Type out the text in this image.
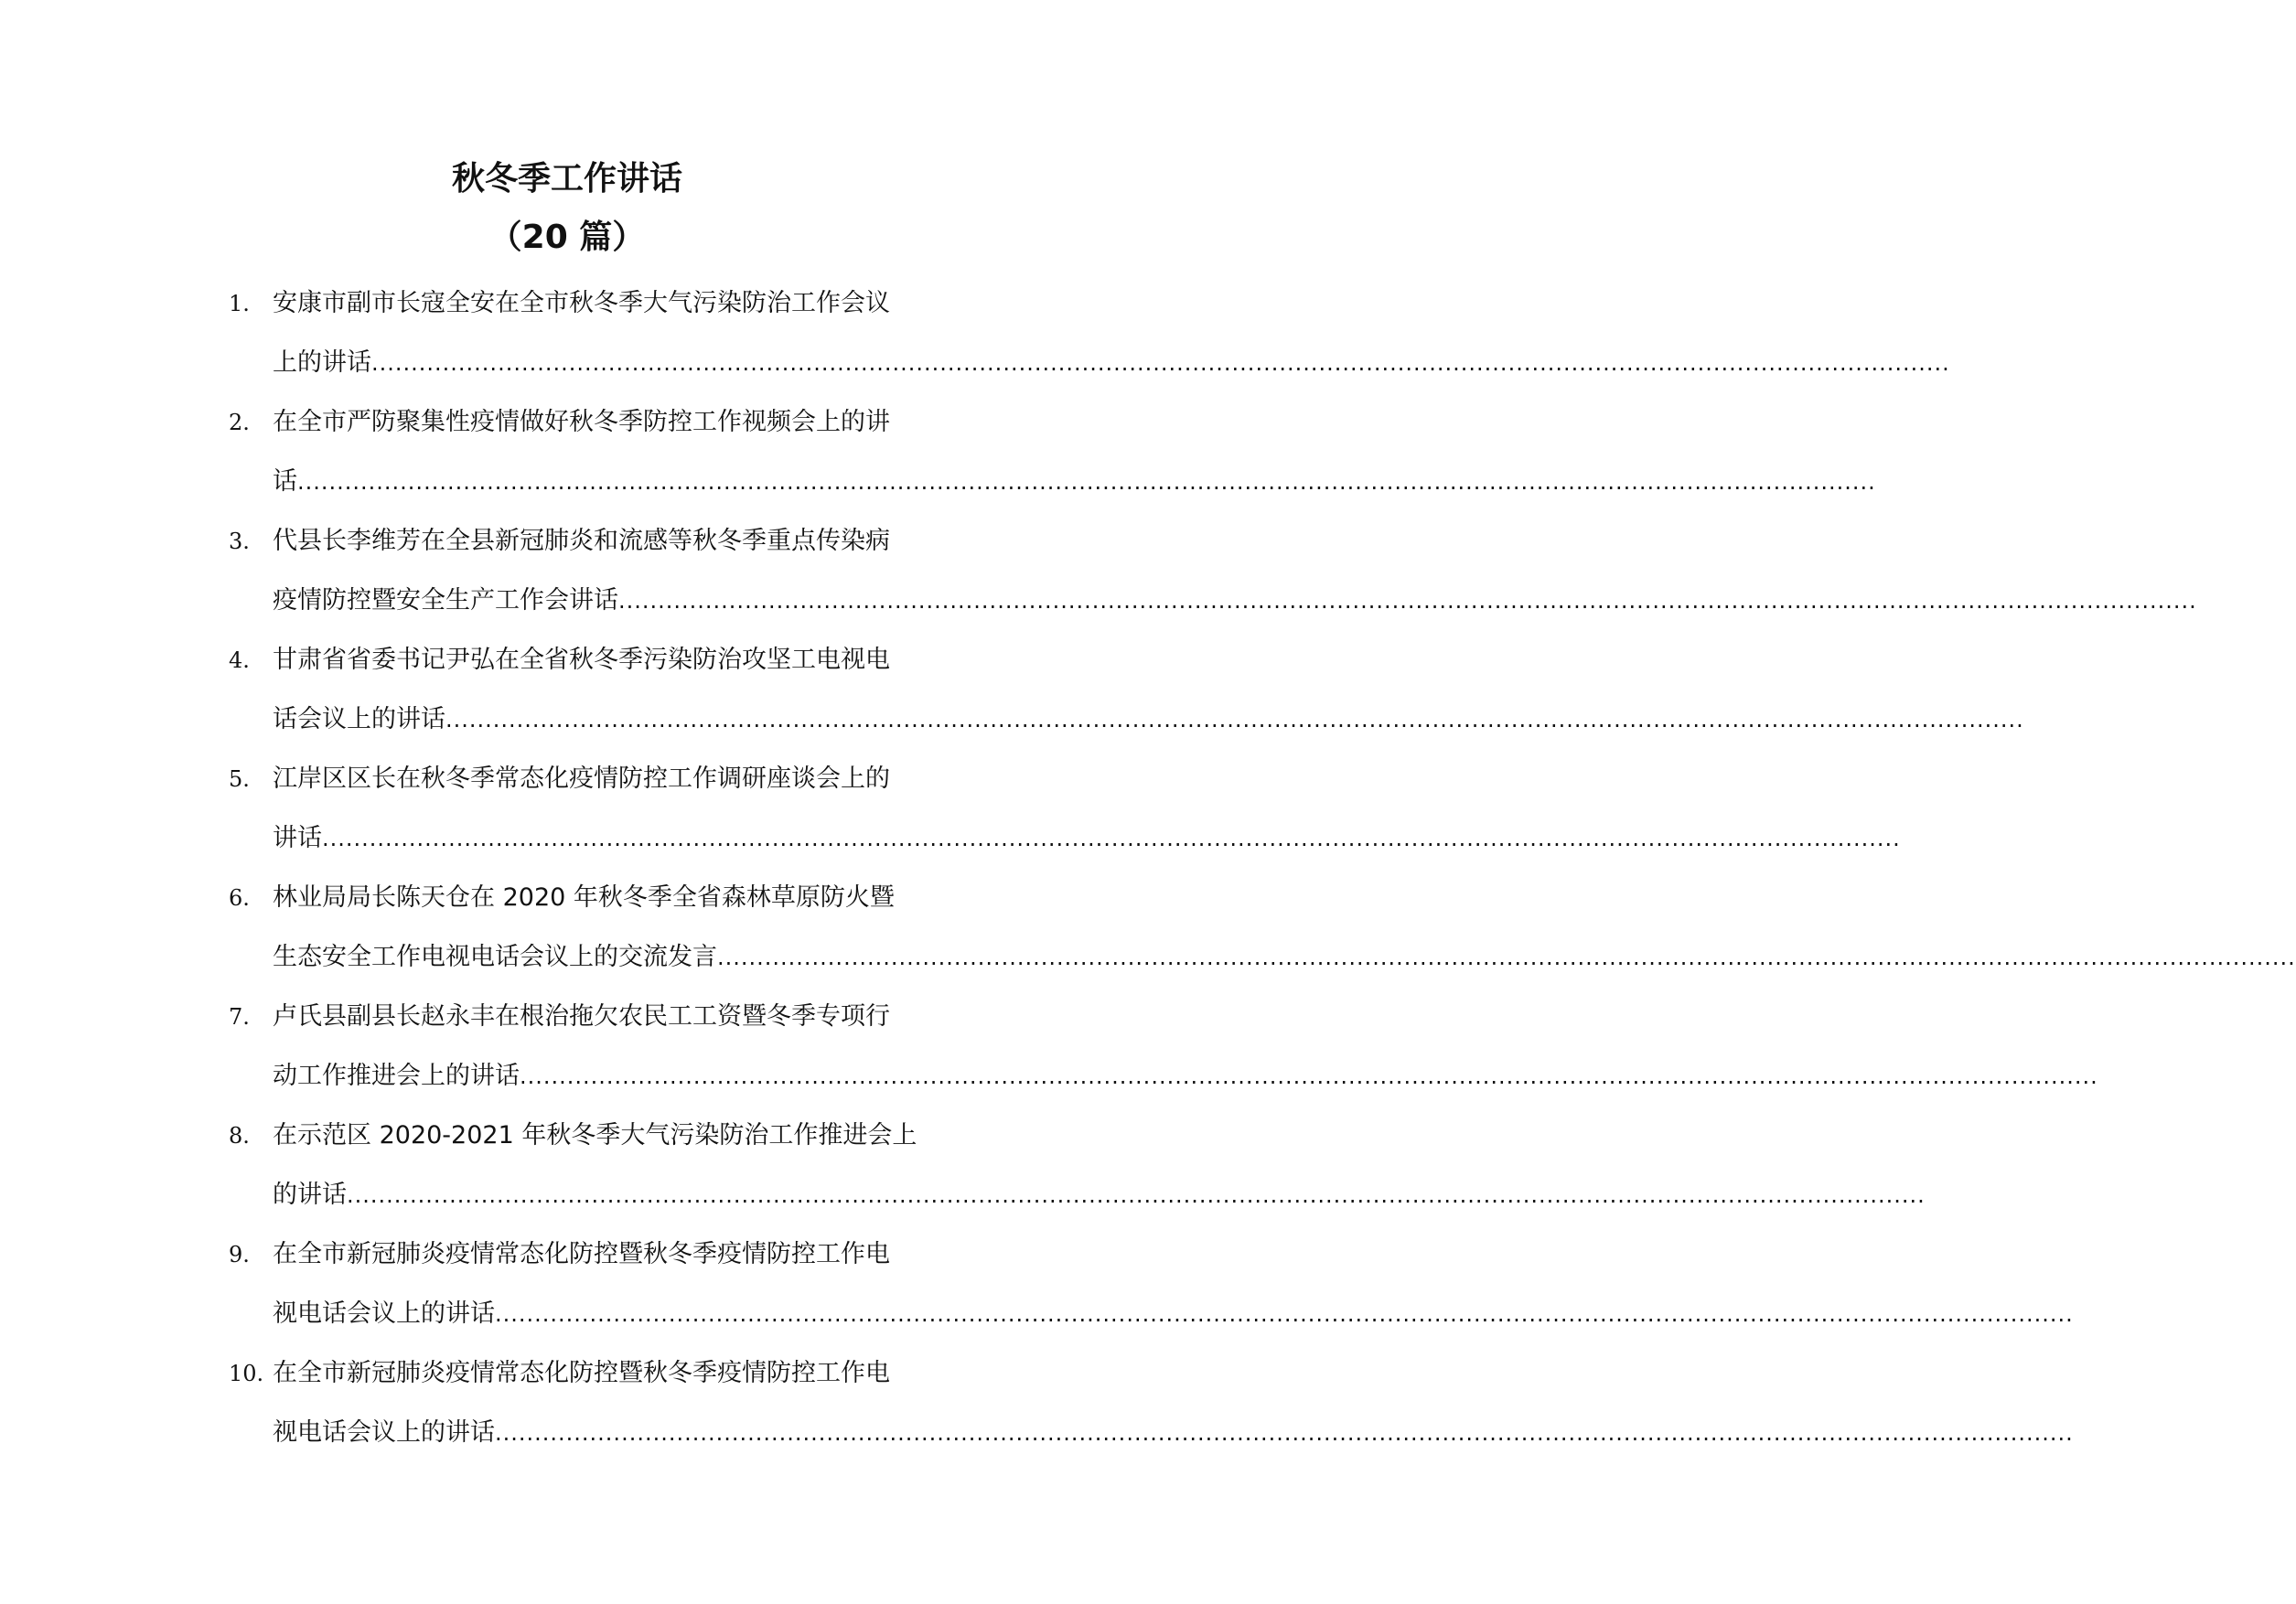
秋冬季工作讲话
（20 篇）
1. 安康市副市长寇全安在全市秋冬季大气污染防治工作会议
上的讲话 ........................................................................................................................................................................................................
2. 在全市严防聚集性疫情做好秋冬季防控工作视频会上的讲
话 ........................................................................................................................................................................................................
3. 代县长李维芳在全县新冠肺炎和流感等秋冬季重点传染病
疫情防控暨安全生产工作会讲话 ........................................................................................................................................................................................................
4. 甘肃省省委书记尹弘在全省秋冬季污染防治攻坚工电视电
话会议上的讲话 ........................................................................................................................................................................................................
5. 江岸区区长在秋冬季常态化疫情防控工作调研座谈会上的
讲话 ........................................................................................................................................................................................................
6. 林业局局长陈天仓在 2020 年秋冬季全省森林草原防火暨
生态安全工作电视电话会议上的交流发言 ........................................................................................................................................................................................................
7. 卢氏县副县长赵永丰在根治拖欠农民工工资暨冬季专项行
动工作推进会上的讲话 ........................................................................................................................................................................................................
8. 在示范区 2020-2021 年秋冬季大气污染防治工作推进会上
的讲话 ........................................................................................................................................................................................................
9. 在全市新冠肺炎疫情常态化防控暨秋冬季疫情防控工作电
视电话会议上的讲话 ........................................................................................................................................................................................................
10. 在全市新冠肺炎疫情常态化防控暨秋冬季疫情防控工作电
视电话会议上的讲话 ........................................................................................................................................................................................................
